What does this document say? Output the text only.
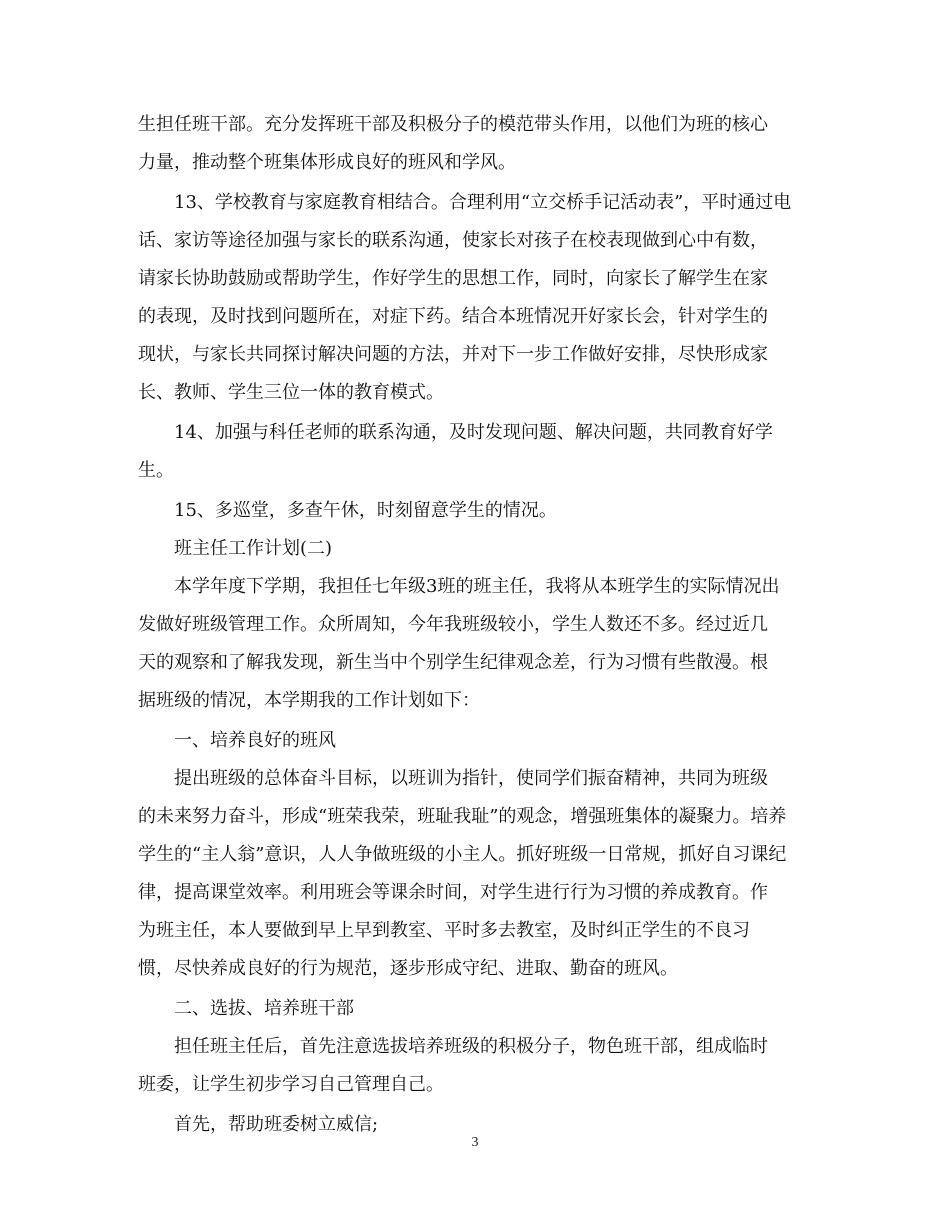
生担任班干部。充分发挥班干部及积极分子的模范带头作用，以他们为班的核心
力量，推动整个班集体形成良好的班风和学风。
13、学校教育与家庭教育相结合。合理利用“立交桥手记活动表”，平时通过电
话、家访等途径加强与家长的联系沟通，使家长对孩子在校表现做到心中有数，
请家长协助鼓励或帮助学生，作好学生的思想工作，同时，向家长了解学生在家
的表现，及时找到问题所在，对症下药。结合本班情况开好家长会，针对学生的
现状，与家长共同探讨解决问题的方法，并对下一步工作做好安排，尽快形成家
长、教师、学生三位一体的教育模式。
14、加强与科任老师的联系沟通，及时发现问题、解决问题，共同教育好学
生。
15、多巡堂，多查午休，时刻留意学生的情况。
班主任工作计划(二)
本学年度下学期，我担任七年级3班的班主任，我将从本班学生的实际情况出
发做好班级管理工作。众所周知，今年我班级较小，学生人数还不多。经过近几
天的观察和了解我发现，新生当中个别学生纪律观念差，行为习惯有些散漫。根
据班级的情况，本学期我的工作计划如下：
一、培养良好的班风
提出班级的总体奋斗目标，以班训为指针，使同学们振奋精神，共同为班级
的未来努力奋斗，形成“班荣我荣，班耻我耻”的观念，增强班集体的凝聚力。培养
学生的“主人翁”意识，人人争做班级的小主人。抓好班级一日常规，抓好自习课纪
律，提高课堂效率。利用班会等课余时间，对学生进行行为习惯的养成教育。作
为班主任，本人要做到早上早到教室、平时多去教室，及时纠正学生的不良习
惯，尽快养成良好的行为规范，逐步形成守纪、进取、勤奋的班风。
二、选拔、培养班干部
担任班主任后，首先注意选拔培养班级的积极分子，物色班干部，组成临时
班委，让学生初步学习自己管理自己。
首先，帮助班委树立威信;
3
